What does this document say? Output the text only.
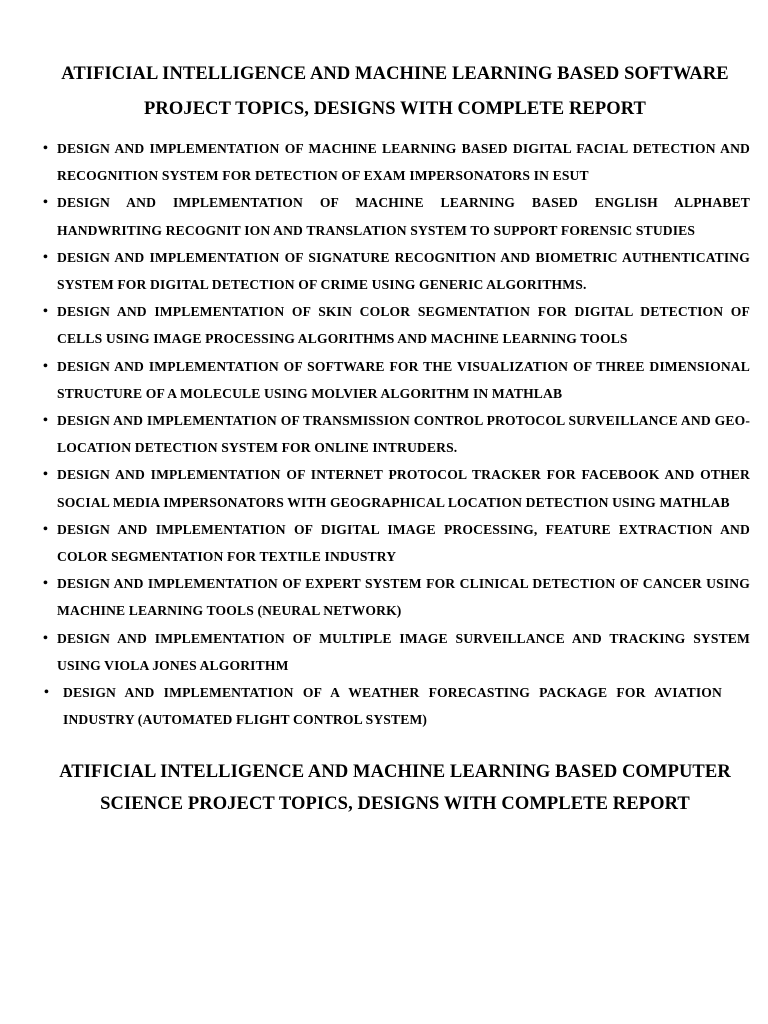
ATIFICIAL INTELLIGENCE AND MACHINE LEARNING BASED SOFTWARE PROJECT TOPICS, DESIGNS WITH COMPLETE REPORT
• DESIGN AND IMPLEMENTATION OF MACHINE LEARNING BASED DIGITAL FACIAL DETECTION AND RECOGNITION SYSTEM FOR DETECTION OF EXAM IMPERSONATORS IN ESUT
• DESIGN AND IMPLEMENTATION OF MACHINE LEARNING BASED ENGLISH ALPHABET HANDWRITING RECOGNIT ION AND TRANSLATION SYSTEM TO SUPPORT FORENSIC STUDIES
• DESIGN AND IMPLEMENTATION OF SIGNATURE RECOGNITION AND BIOMETRIC AUTHENTICATING SYSTEM FOR DIGITAL DETECTION OF CRIME USING GENERIC ALGORITHMS.
• DESIGN AND IMPLEMENTATION OF SKIN COLOR SEGMENTATION FOR DIGITAL DETECTION OF CELLS USING IMAGE PROCESSING ALGORITHMS AND MACHINE LEARNING TOOLS
• DESIGN AND IMPLEMENTATION OF SOFTWARE FOR THE VISUALIZATION OF THREE DIMENSIONAL STRUCTURE OF A MOLECULE USING MOLVIER ALGORITHM IN MATHLAB
• DESIGN AND IMPLEMENTATION OF TRANSMISSION CONTROL PROTOCOL SURVEILLANCE AND GEO-LOCATION DETECTION SYSTEM FOR ONLINE INTRUDERS.
• DESIGN AND IMPLEMENTATION OF INTERNET PROTOCOL TRACKER FOR FACEBOOK AND OTHER SOCIAL MEDIA IMPERSONATORS WITH GEOGRAPHICAL LOCATION DETECTION USING MATHLAB
• DESIGN AND IMPLEMENTATION OF DIGITAL IMAGE PROCESSING, FEATURE EXTRACTION AND COLOR SEGMENTATION FOR TEXTILE INDUSTRY
• DESIGN AND IMPLEMENTATION OF EXPERT SYSTEM FOR CLINICAL DETECTION OF CANCER USING MACHINE LEARNING TOOLS (NEURAL NETWORK)
• DESIGN AND IMPLEMENTATION OF MULTIPLE IMAGE SURVEILLANCE AND TRACKING SYSTEM USING VIOLA JONES ALGORITHM
• DESIGN AND IMPLEMENTATION OF A WEATHER FORECASTING PACKAGE FOR AVIATION INDUSTRY (AUTOMATED FLIGHT CONTROL SYSTEM)
ATIFICIAL INTELLIGENCE AND MACHINE LEARNING BASED COMPUTER SCIENCE PROJECT TOPICS, DESIGNS WITH COMPLETE REPORT
